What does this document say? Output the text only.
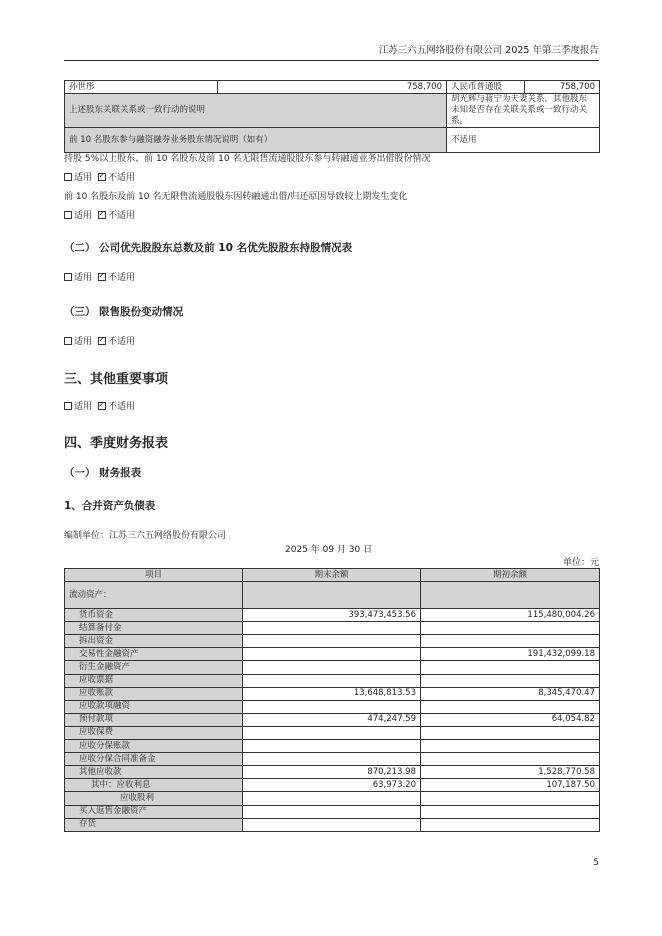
江苏三六五网络股份有限公司 2025 年第三季度报告
孙世彤	758,700	人民币普通股	758,700
上述股东关联关系或一致行动的说明		胡光辉与蒋宁为夫妻关系，其他股东未知是否存在关联关系或一致行动关系。	
前 10 名股东参与融资融券业务股东情况说明（如有）		不适用	
持股 5%以上股东、前 10 名股东及前 10 名无限售流通股股东参与转融通业务出借股份情况
适用 ✓ 不适用
前 10 名股东及前 10 名无限售流通股股东因转融通出借/归还原因导致较上期发生变化
适用 ✓ 不适用
（二） 公司优先股股东总数及前 10 名优先股股东持股情况表
适用 ✓ 不适用
（三） 限售股份变动情况
适用 ✓ 不适用
三、其他重要事项
适用 ✓ 不适用
四、季度财务报表
（一） 财务报表
1、合并资产负债表
编制单位：江苏三六五网络股份有限公司
2025 年 09 月 30 日
单位：元
项目	期末余额	期初余额
流动资产：		
货币资金	393,473,453.56	115,480,004.26
结算备付金		
拆出资金		
交易性金融资产		191,432,099.18
衍生金融资产		
应收票据		
应收账款	13,648,813.53	8,345,470.47
应收款项融资		
预付款项	474,247.59	64,054.82
应收保费		
应收分保账款		
应收分保合同准备金		
其他应收款	870,213.98	1,528,770.58
其中：应收利息	63,973.20	107,187.50
应收股利		
买入返售金融资产		
存货		
5
